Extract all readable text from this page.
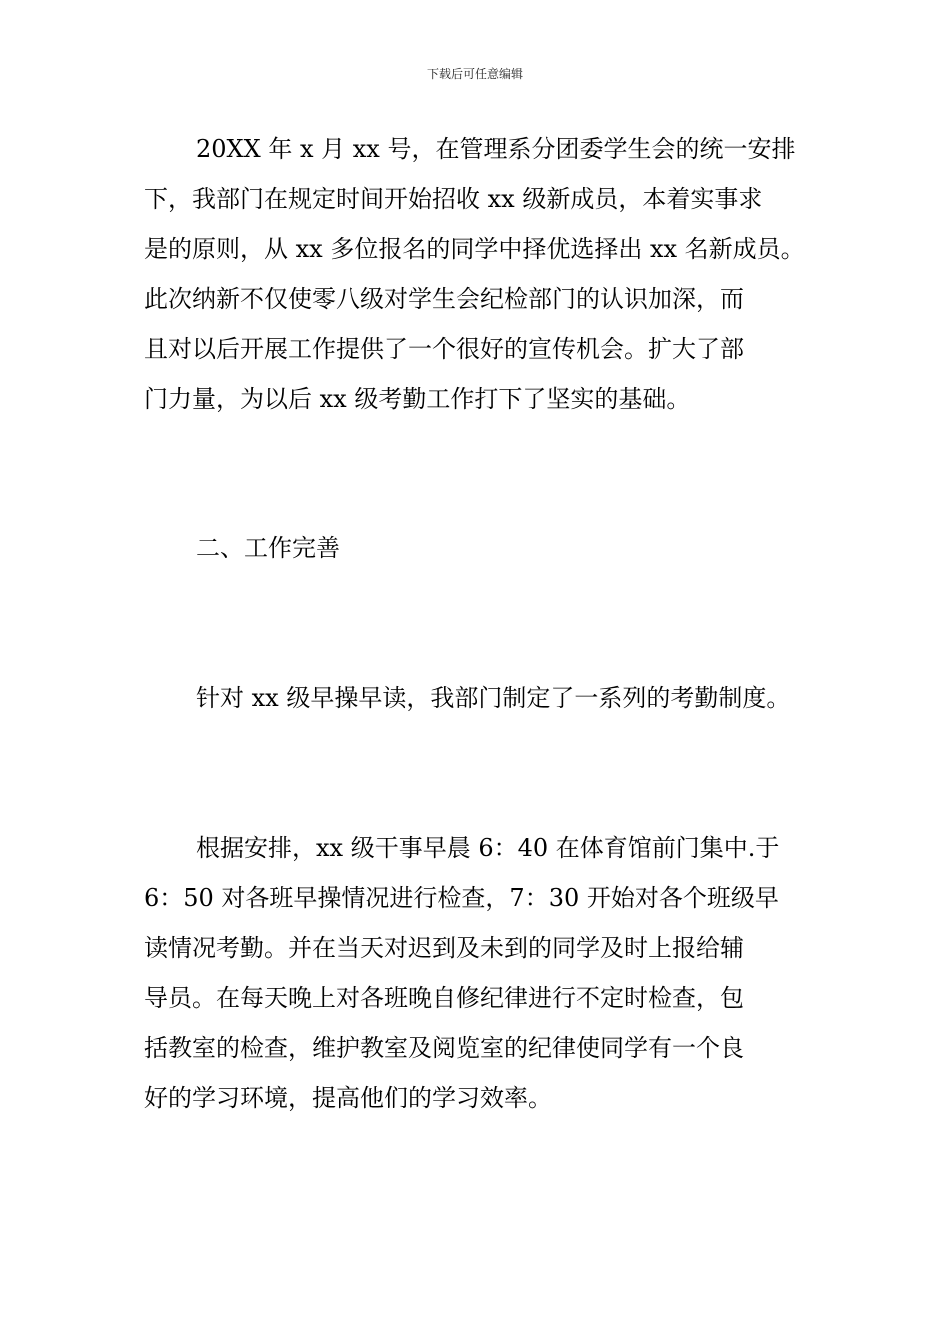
下载后可任意编辑
20XX 年 x 月 xx 号，在管理系分团委学生会的统一安排
下，我部门在规定时间开始招收 xx 级新成员，本着实事求
是的原则，从 xx 多位报名的同学中择优选择出 xx 名新成员。
此次纳新不仅使零八级对学生会纪检部门的认识加深，而
且对以后开展工作提供了一个很好的宣传机会。扩大了部
门力量，为以后 xx 级考勤工作打下了坚实的基础。
二、工作完善
针对 xx 级早操早读，我部门制定了一系列的考勤制度。
根据安排，xx 级干事早晨 6：40 在体育馆前门集中.于
6：50 对各班早操情况进行检查，7：30 开始对各个班级早
读情况考勤。并在当天对迟到及未到的同学及时上报给辅
导员。在每天晚上对各班晚自修纪律进行不定时检查，包
括教室的检查，维护教室及阅览室的纪律使同学有一个良
好的学习环境，提高他们的学习效率。
